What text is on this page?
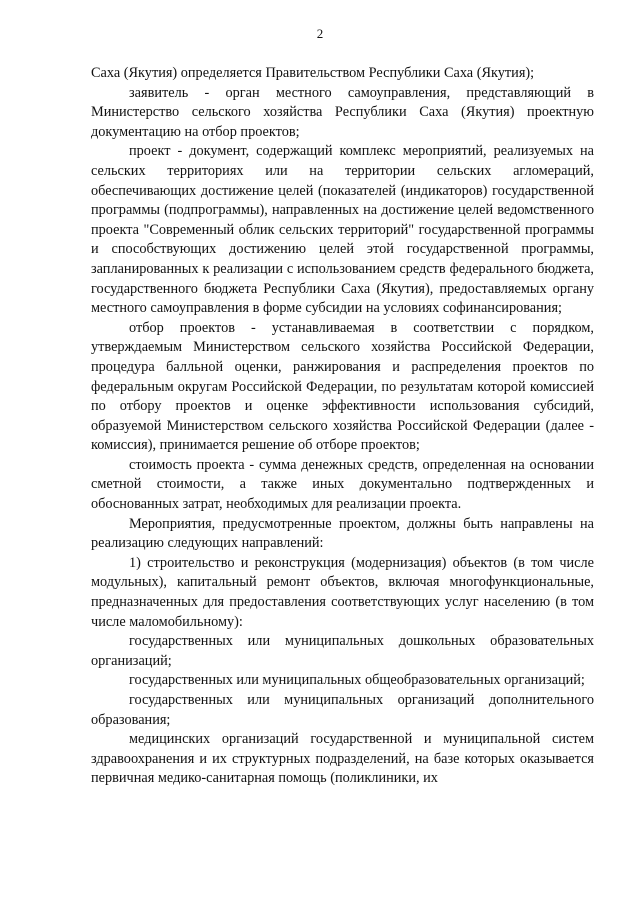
2

Саха (Якутия) определяется Правительством Республики Саха (Якутия);

заявитель - орган местного самоуправления, представляющий в Министерство сельского хозяйства Республики Саха (Якутия) проектную документацию на отбор проектов;

проект - документ, содержащий комплекс мероприятий, реализуемых на сельских территориях или на территории сельских агломераций, обеспечивающих достижение целей (показателей (индикаторов) государственной программы (подпрограммы), направленных на достижение целей ведомственного проекта "Современный облик сельских территорий" государственной программы и способствующих достижению целей этой государственной программы, запланированных к реализации с использованием средств федерального бюджета, государственного бюджета Республики Саха (Якутия), предоставляемых органу местного самоуправления в форме субсидии на условиях софинансирования;

отбор проектов - устанавливаемая в соответствии с порядком, утверждаемым Министерством сельского хозяйства Российской Федерации, процедура балльной оценки, ранжирования и распределения проектов по федеральным округам Российской Федерации, по результатам которой комиссией по отбору проектов и оценке эффективности использования субсидий, образуемой Министерством сельского хозяйства Российской Федерации (далее - комиссия), принимается решение об отборе проектов;

стоимость проекта - сумма денежных средств, определенная на основании сметной стоимости, а также иных документально подтвержденных и обоснованных затрат, необходимых для реализации проекта.

Мероприятия, предусмотренные проектом, должны быть направлены на реализацию следующих направлений:

1) строительство и реконструкция (модернизация) объектов (в том числе модульных), капитальный ремонт объектов, включая многофункциональные, предназначенных для предоставления соответствующих услуг населению (в том числе маломобильному):

государственных или муниципальных дошкольных образовательных организаций;

государственных или муниципальных общеобразовательных организаций;

государственных или муниципальных организаций дополнительного образования;

медицинских организаций государственной и муниципальной систем здравоохранения и их структурных подразделений, на базе которых оказывается первичная медико-санитарная помощь (поликлиники, их
